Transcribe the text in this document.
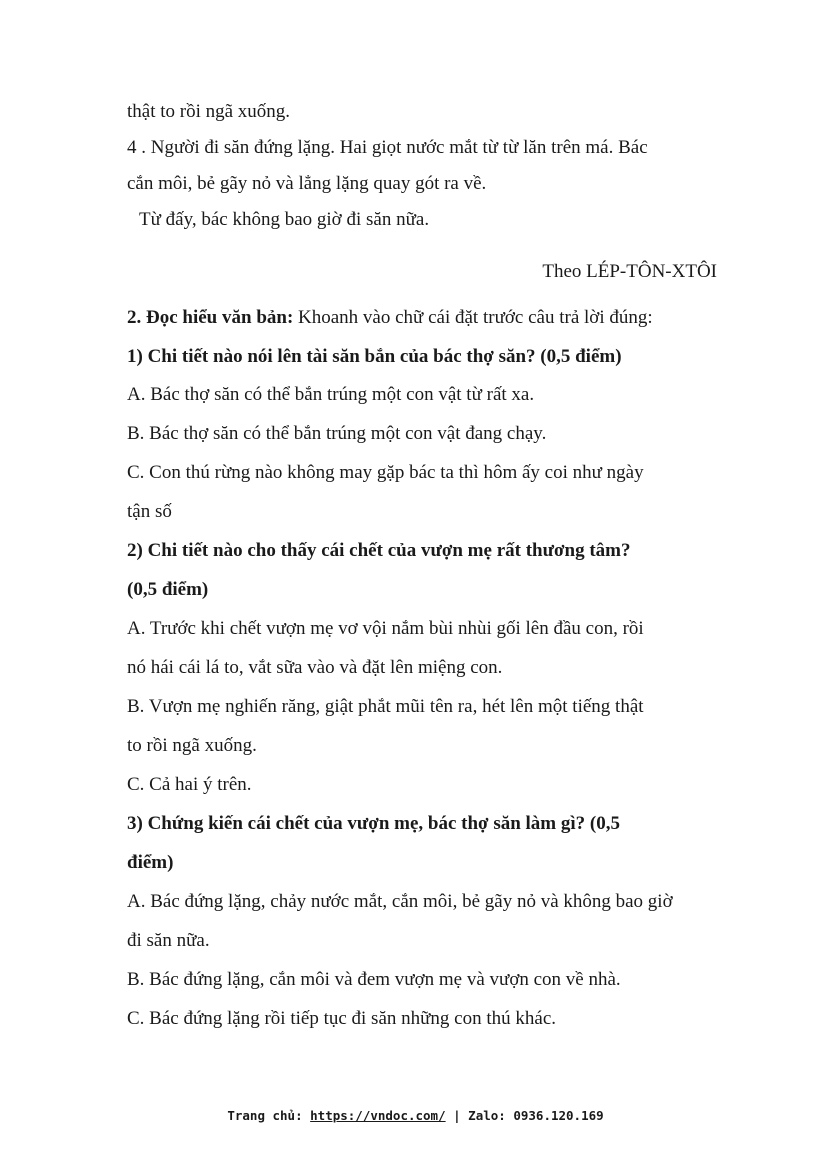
thật to rồi ngã xuống.
4 . Người đi săn đứng lặng. Hai giọt nước mắt từ từ lăn trên má. Bác
cắn môi, bẻ gãy nỏ và lẳng lặng quay gót ra về.
Từ đấy, bác không bao giờ đi săn nữa.
Theo LÉP-TÔN-XTÔI
2. Đọc hiểu văn bản: Khoanh vào chữ cái đặt trước câu trả lời đúng:
1) Chi tiết nào nói lên tài săn bắn của bác thợ săn? (0,5 điểm)
A. Bác thợ săn có thể bắn trúng một con vật từ rất xa.
B. Bác thợ săn có thể bắn trúng một con vật đang chạy.
C. Con thú rừng nào không may gặp bác ta thì hôm ấy coi như ngày
tận số
2) Chi tiết nào cho thấy cái chết của vượn mẹ rất thương tâm?
(0,5 điểm)
A. Trước khi chết vượn mẹ vơ vội nắm bùi nhùi gối lên đầu con, rồi
nó hái cái lá to, vắt sữa vào và đặt lên miệng con.
B. Vượn mẹ nghiến răng, giật phắt mũi tên ra, hét lên một tiếng thật
to rồi ngã xuống.
C. Cả hai ý trên.
3) Chứng kiến cái chết của vượn mẹ, bác thợ săn làm gì? (0,5
điểm)
A. Bác đứng lặng, chảy nước mắt, cắn môi, bẻ gãy nỏ và không bao giờ
đi săn nữa.
B. Bác đứng lặng, cắn môi và đem vượn mẹ và vượn con về nhà.
C. Bác đứng lặng rồi tiếp tục đi săn những con thú khác.
Trang chủ: https://vndoc.com/ | Zalo: 0936.120.169
